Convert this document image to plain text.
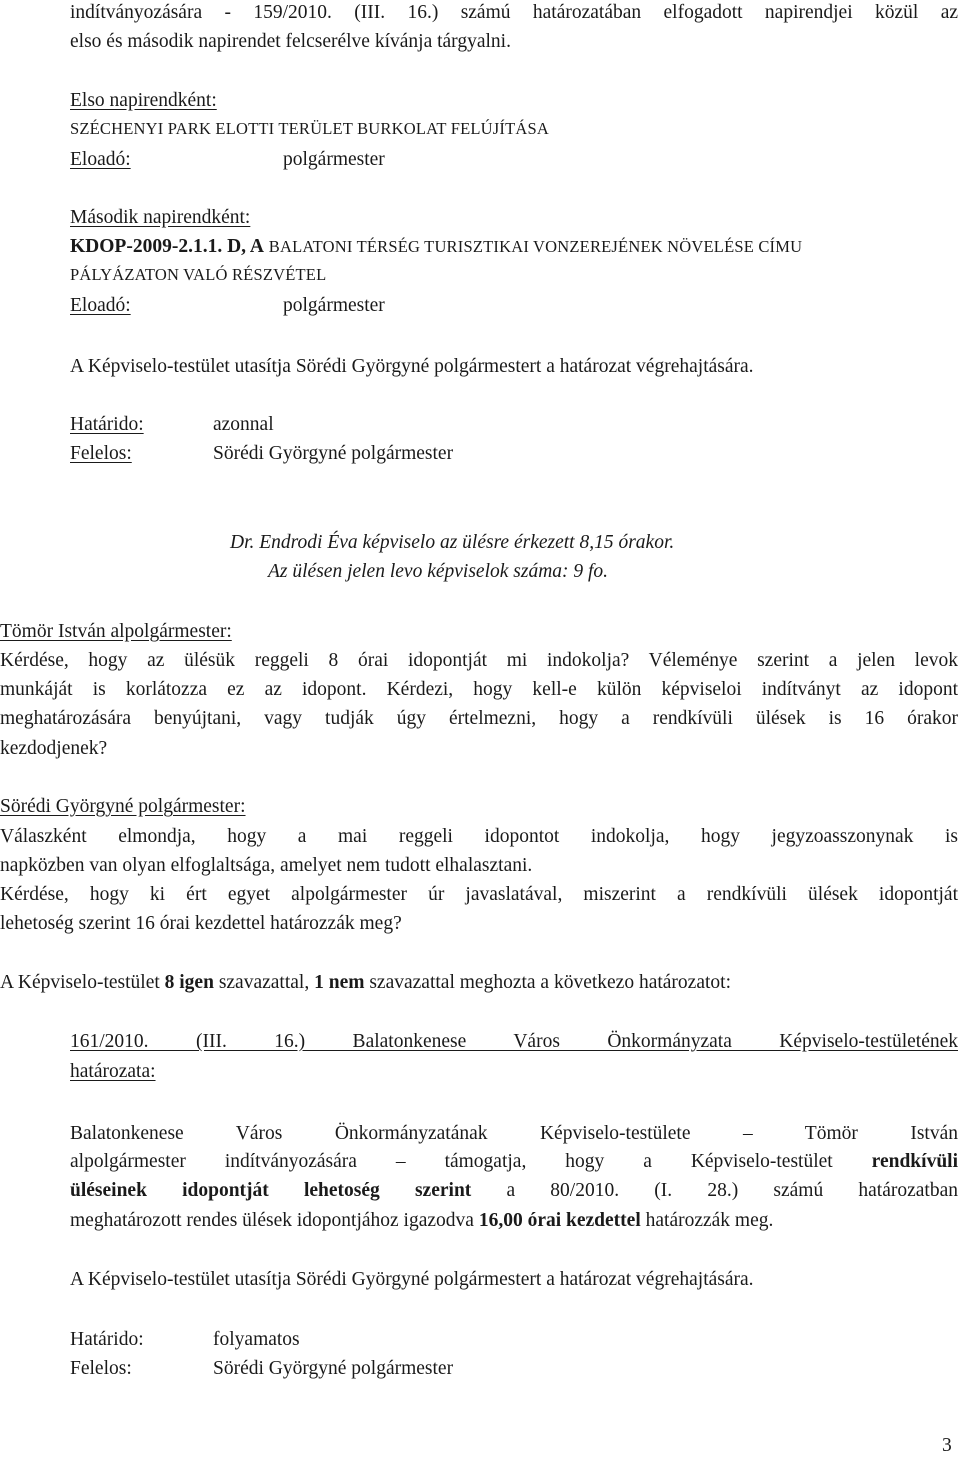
indítványozására - 159/2010. (III. 16.) számú határozatában elfogadott napirendjei közül az
elso és második napirendet felcserélve kívánja tárgyalni.
Elso napirendként:
SZÉCHENYI PARK ELOTTI TERÜLET BURKOLAT FELÚJÍTÁSA
Eloadó:	polgármester
Második napirendként:
KDOP-2009-2.1.1. D, A BALATONI TÉRSÉG TURISZTIKAI VONZEREJÉNEK NÖVELÉSE CÍMU
PÁLYÁZATON VALÓ RÉSZVÉTEL
Eloadó:	polgármester
A Képviselo-testület utasítja Sörédi Györgyné polgármestert a határozat végrehajtására.
Határido:	azonnal
Felelos:	Sörédi Györgyné polgármester
Dr. Endrodi Éva képviselo az ülésre érkezett 8,15 órakor.
Az ülésen jelen levo képviselok száma: 9 fo.
Tömör István alpolgármester:
Kérdése, hogy az ülésük reggeli 8 órai idopontját mi indokolja? Véleménye szerint a jelen levok
munkáját is korlátozza ez az idopont. Kérdezi, hogy kell-e külön képviseloi indítványt az idopont
meghatározására benyújtani, vagy tudják úgy értelmezni, hogy a rendkívüli ülések is 16 órakor
kezdodjenek?
Sörédi Györgyné polgármester:
Válaszként elmondja, hogy a mai reggeli idopontot indokolja, hogy jegyzoasszonynak is
napközben van olyan elfoglaltsága, amelyet nem tudott elhalasztani.
Kérdése, hogy ki ért egyet alpolgármester úr javaslatával, miszerint a rendkívüli ülések idopontját
lehetoség szerint 16 órai kezdettel határozzák meg?
A Képviselo-testület 8 igen szavazattal, 1 nem szavazattal meghozta a következo határozatot:
161/2010. (III. 16.) Balatonkenese Város Önkormányzata Képviselo-testületének
határozata:
Balatonkenese Város Önkormányzatának Képviselo-testülete – Tömör István
alpolgármester indítványozására – támogatja, hogy a Képviselo-testület rendkívüli
üléseinek idopontját lehetoség szerint a 80/2010. (I. 28.) számú határozatban
meghatározott rendes ülések idopontjához igazodva 16,00 órai kezdettel határozzák meg.
A Képviselo-testület utasítja Sörédi Györgyné polgármestert a határozat végrehajtására.
Határido:	folyamatos
Felelos:	Sörédi Györgyné polgármester
3
